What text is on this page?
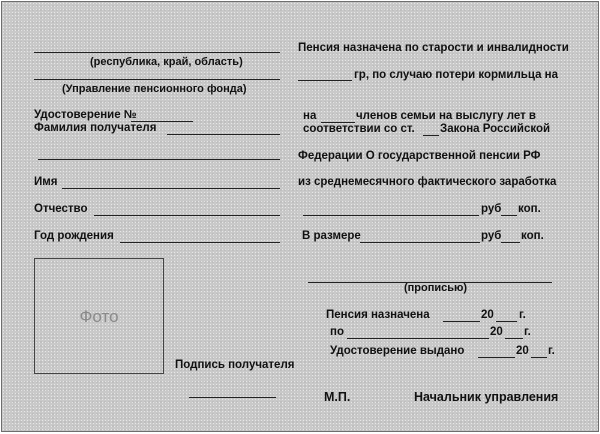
(республика, край, область)
(Управление пенсионного фонда)
Удостоверение №
Фамилия получателя
Имя
Отчество
Год рождения
Фото
Подпись получателя
Пенсия назначена по старости и инвалидности
гр, по случаю потери кормильца на
на	членов семьи на выслугу лет в
соответствии со ст. Закона Российской
Федерации О государственной пенсии РФ
из среднемесячного фактического заработка
руб коп.
В размере	руб коп.
(прописью)
Пенсия назначена	20 г.
по	20 г.
Удостоверение выдано	20 г.
М.П.	Начальник управления
